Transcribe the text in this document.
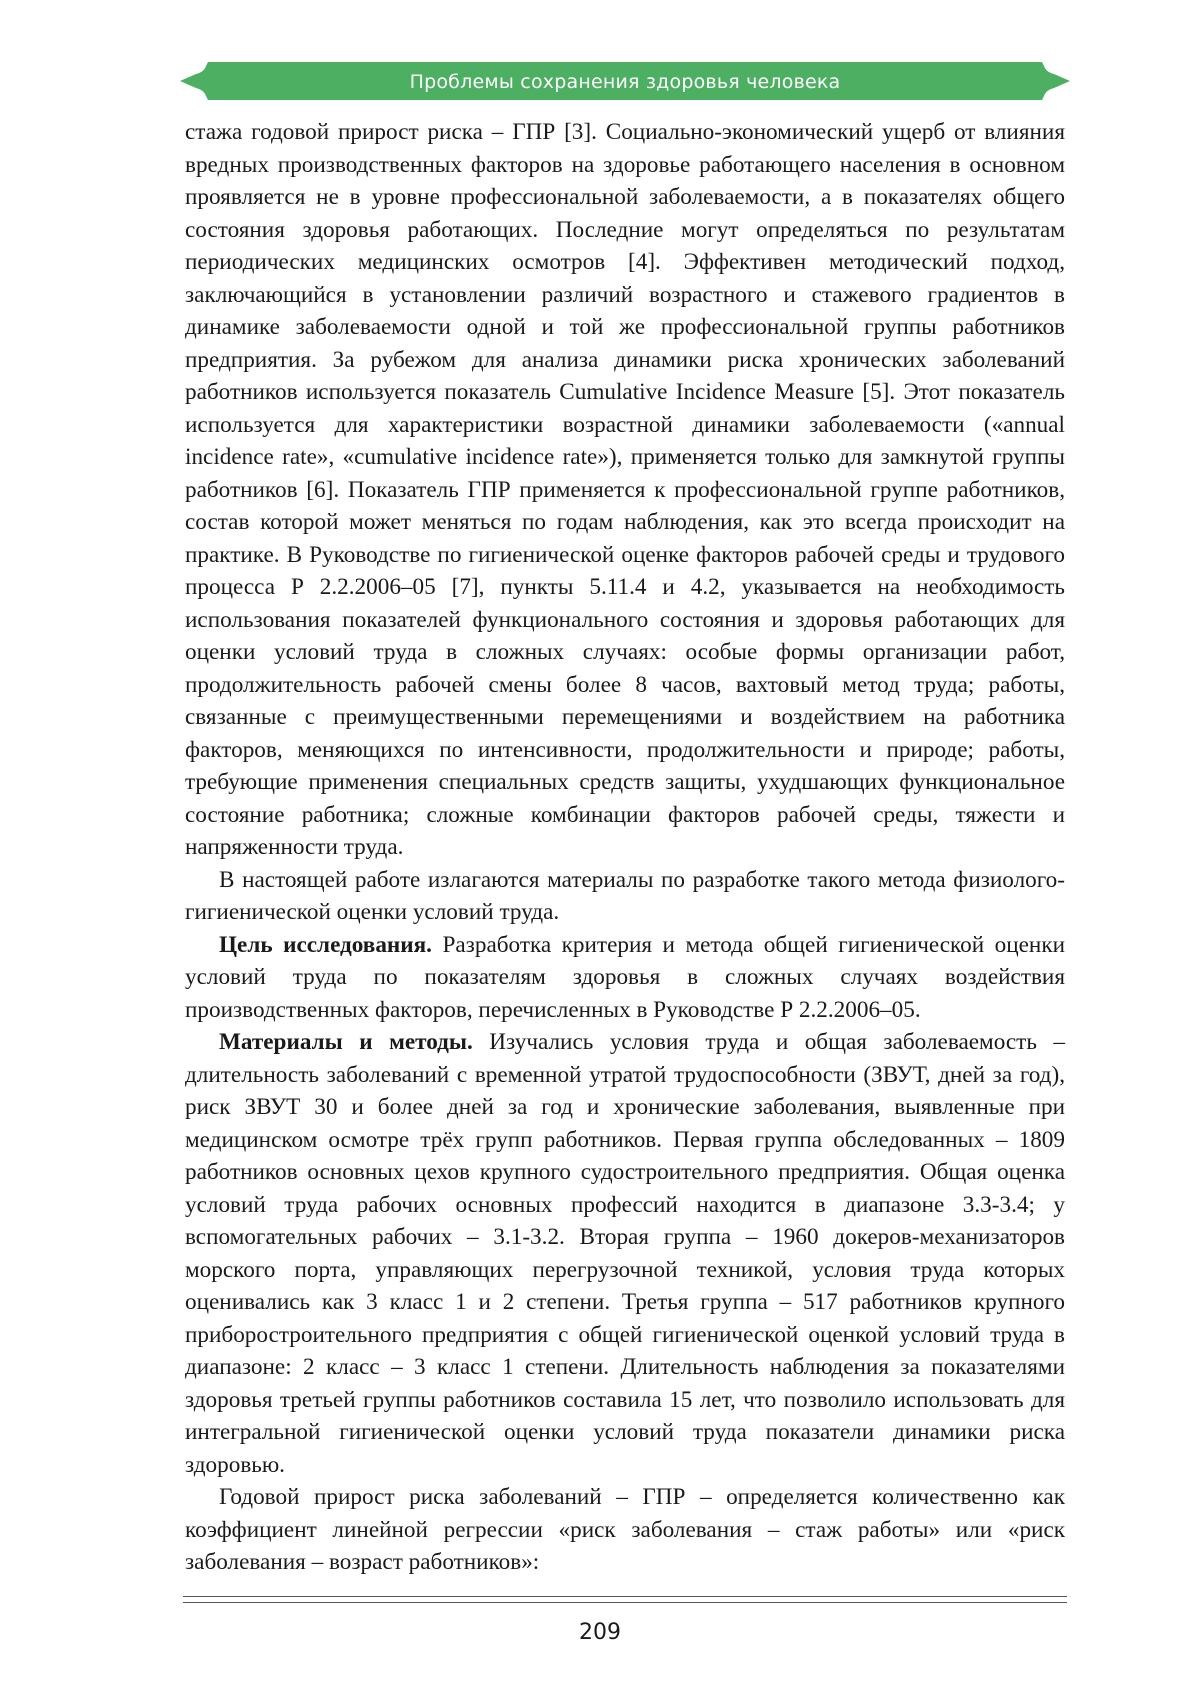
Проблемы сохранения здоровья человека

стажа годовой прирост риска – ГПР [3]. Социально-экономический ущерб от влияния вредных производственных факторов на здоровье работающего населения в основном проявляется не в уровне профессиональной заболеваемости, а в показателях общего состояния здоровья работающих. Последние могут определяться по результатам периодических медицинских осмотров [4]. Эффективен методический подход, заключающийся в установлении различий возрастного и стажевого градиентов в динамике заболеваемости одной и той же профессиональной группы работников предприятия. За рубежом для анализа динамики риска хронических заболеваний работников используется показатель Cumulative Incidence Measure [5]. Этот показатель используется для характеристики возрастной динамики заболеваемости («annual incidence rate», «cumulative incidence rate»), применяется только для замкнутой группы работников [6]. Показатель ГПР применяется к профессиональной группе работников, состав которой может меняться по годам наблюдения, как это всегда происходит на практике. В Руководстве по гигиенической оценке факторов рабочей среды и трудового процесса Р 2.2.2006–05 [7], пункты 5.11.4 и 4.2, указывается на необходимость использования показателей функционального состояния и здоровья работающих для оценки условий труда в сложных случаях: особые формы организации работ, продолжительность рабочей смены более 8 часов, вахтовый метод труда; работы, связанные с преимущественными перемещениями и воздействием на работника факторов, меняющихся по интенсивности, продолжительности и природе; работы, требующие применения специальных средств защиты, ухудшающих функциональное состояние работника; сложные комбинации факторов рабочей среды, тяжести и напряженности труда.

В настоящей работе излагаются материалы по разработке такого метода физиолого-гигиенической оценки условий труда.

Цель исследования. Разработка критерия и метода общей гигиенической оценки условий труда по показателям здоровья в сложных случаях воздействия производственных факторов, перечисленных в Руководстве Р 2.2.2006–05.

Материалы и методы. Изучались условия труда и общая заболеваемость – длительность заболеваний с временной утратой трудоспособности (ЗВУТ, дней за год), риск ЗВУТ 30 и более дней за год и хронические заболевания, выявленные при медицинском осмотре трёх групп работников. Первая группа обследованных – 1809 работников основных цехов крупного судостроительного предприятия. Общая оценка условий труда рабочих основных профессий находится в диапазоне 3.3-3.4; у вспомогательных рабочих – 3.1-3.2. Вторая группа – 1960 докеров-механизаторов морского порта, управляющих перегрузочной техникой, условия труда которых оценивались как 3 класс 1 и 2 степени. Третья группа – 517 работников крупного приборостроительного предприятия с общей гигиенической оценкой условий труда в диапазоне: 2 класс – 3 класс 1 степени. Длительность наблюдения за показателями здоровья третьей группы работников составила 15 лет, что позволило использовать для интегральной гигиенической оценки условий труда показатели динамики риска здоровью.

Годовой прирост риска заболеваний – ГПР – определяется количественно как коэффициент линейной регрессии «риск заболевания – стаж работы» или «риск заболевания – возраст работников»:

209
